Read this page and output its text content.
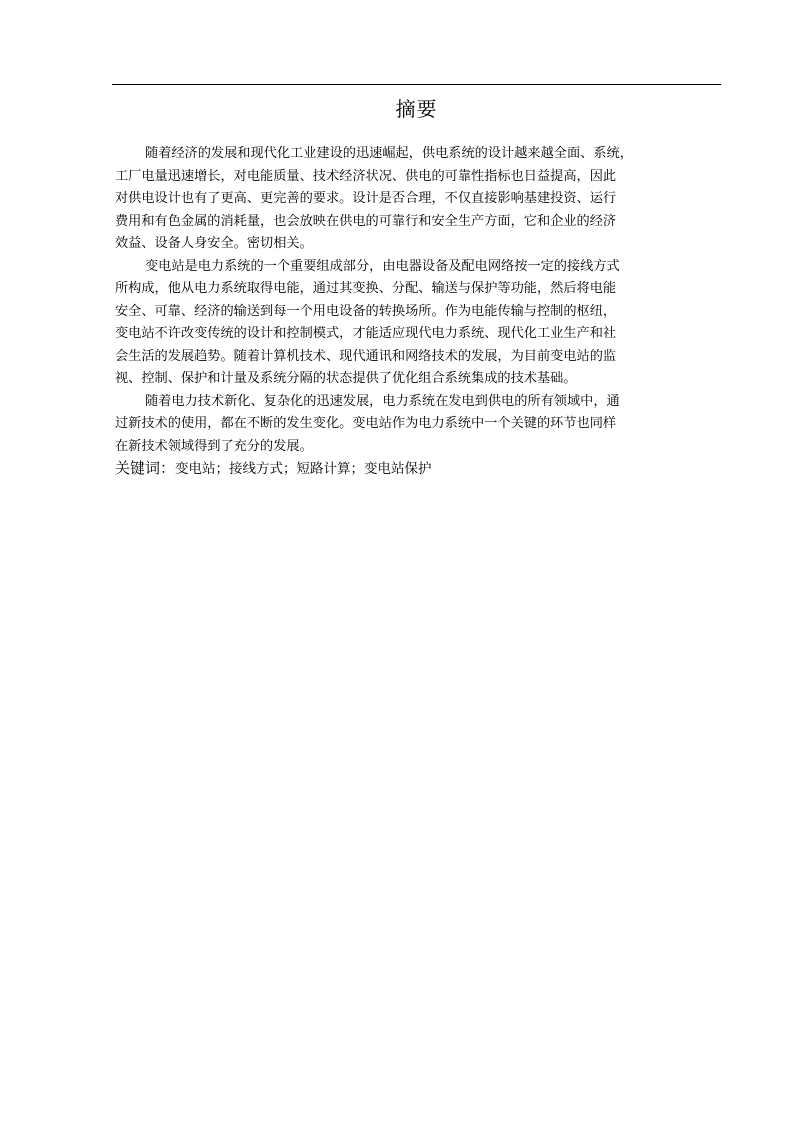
摘要

随着经济的发展和现代化工业建设的迅速崛起，供电系统的设计越来越全面、系统，
工厂电量迅速增长，对电能质量、技术经济状况、供电的可靠性指标也日益提高，因此
对供电设计也有了更高、更完善的要求。设计是否合理，不仅直接影响基建投资、运行
费用和有色金属的消耗量，也会放映在供电的可靠行和安全生产方面，它和企业的经济
效益、设备人身安全。密切相关。

变电站是电力系统的一个重要组成部分，由电器设备及配电网络按一定的接线方式
所构成，他从电力系统取得电能，通过其变换、分配、输送与保护等功能，然后将电能
安全、可靠、经济的输送到每一个用电设备的转换场所。作为电能传输与控制的枢纽，
变电站不许改变传统的设计和控制模式，才能适应现代电力系统、现代化工业生产和社
会生活的发展趋势。随着计算机技术、现代通讯和网络技术的发展，为目前变电站的监
视、控制、保护和计量及系统分隔的状态提供了优化组合系统集成的技术基础。

随着电力技术新化、复杂化的迅速发展，电力系统在发电到供电的所有领域中，通
过新技术的使用，都在不断的发生变化。变电站作为电力系统中一个关键的环节也同样
在新技术领域得到了充分的发展。

关键词：变电站；接线方式；短路计算；变电站保护
